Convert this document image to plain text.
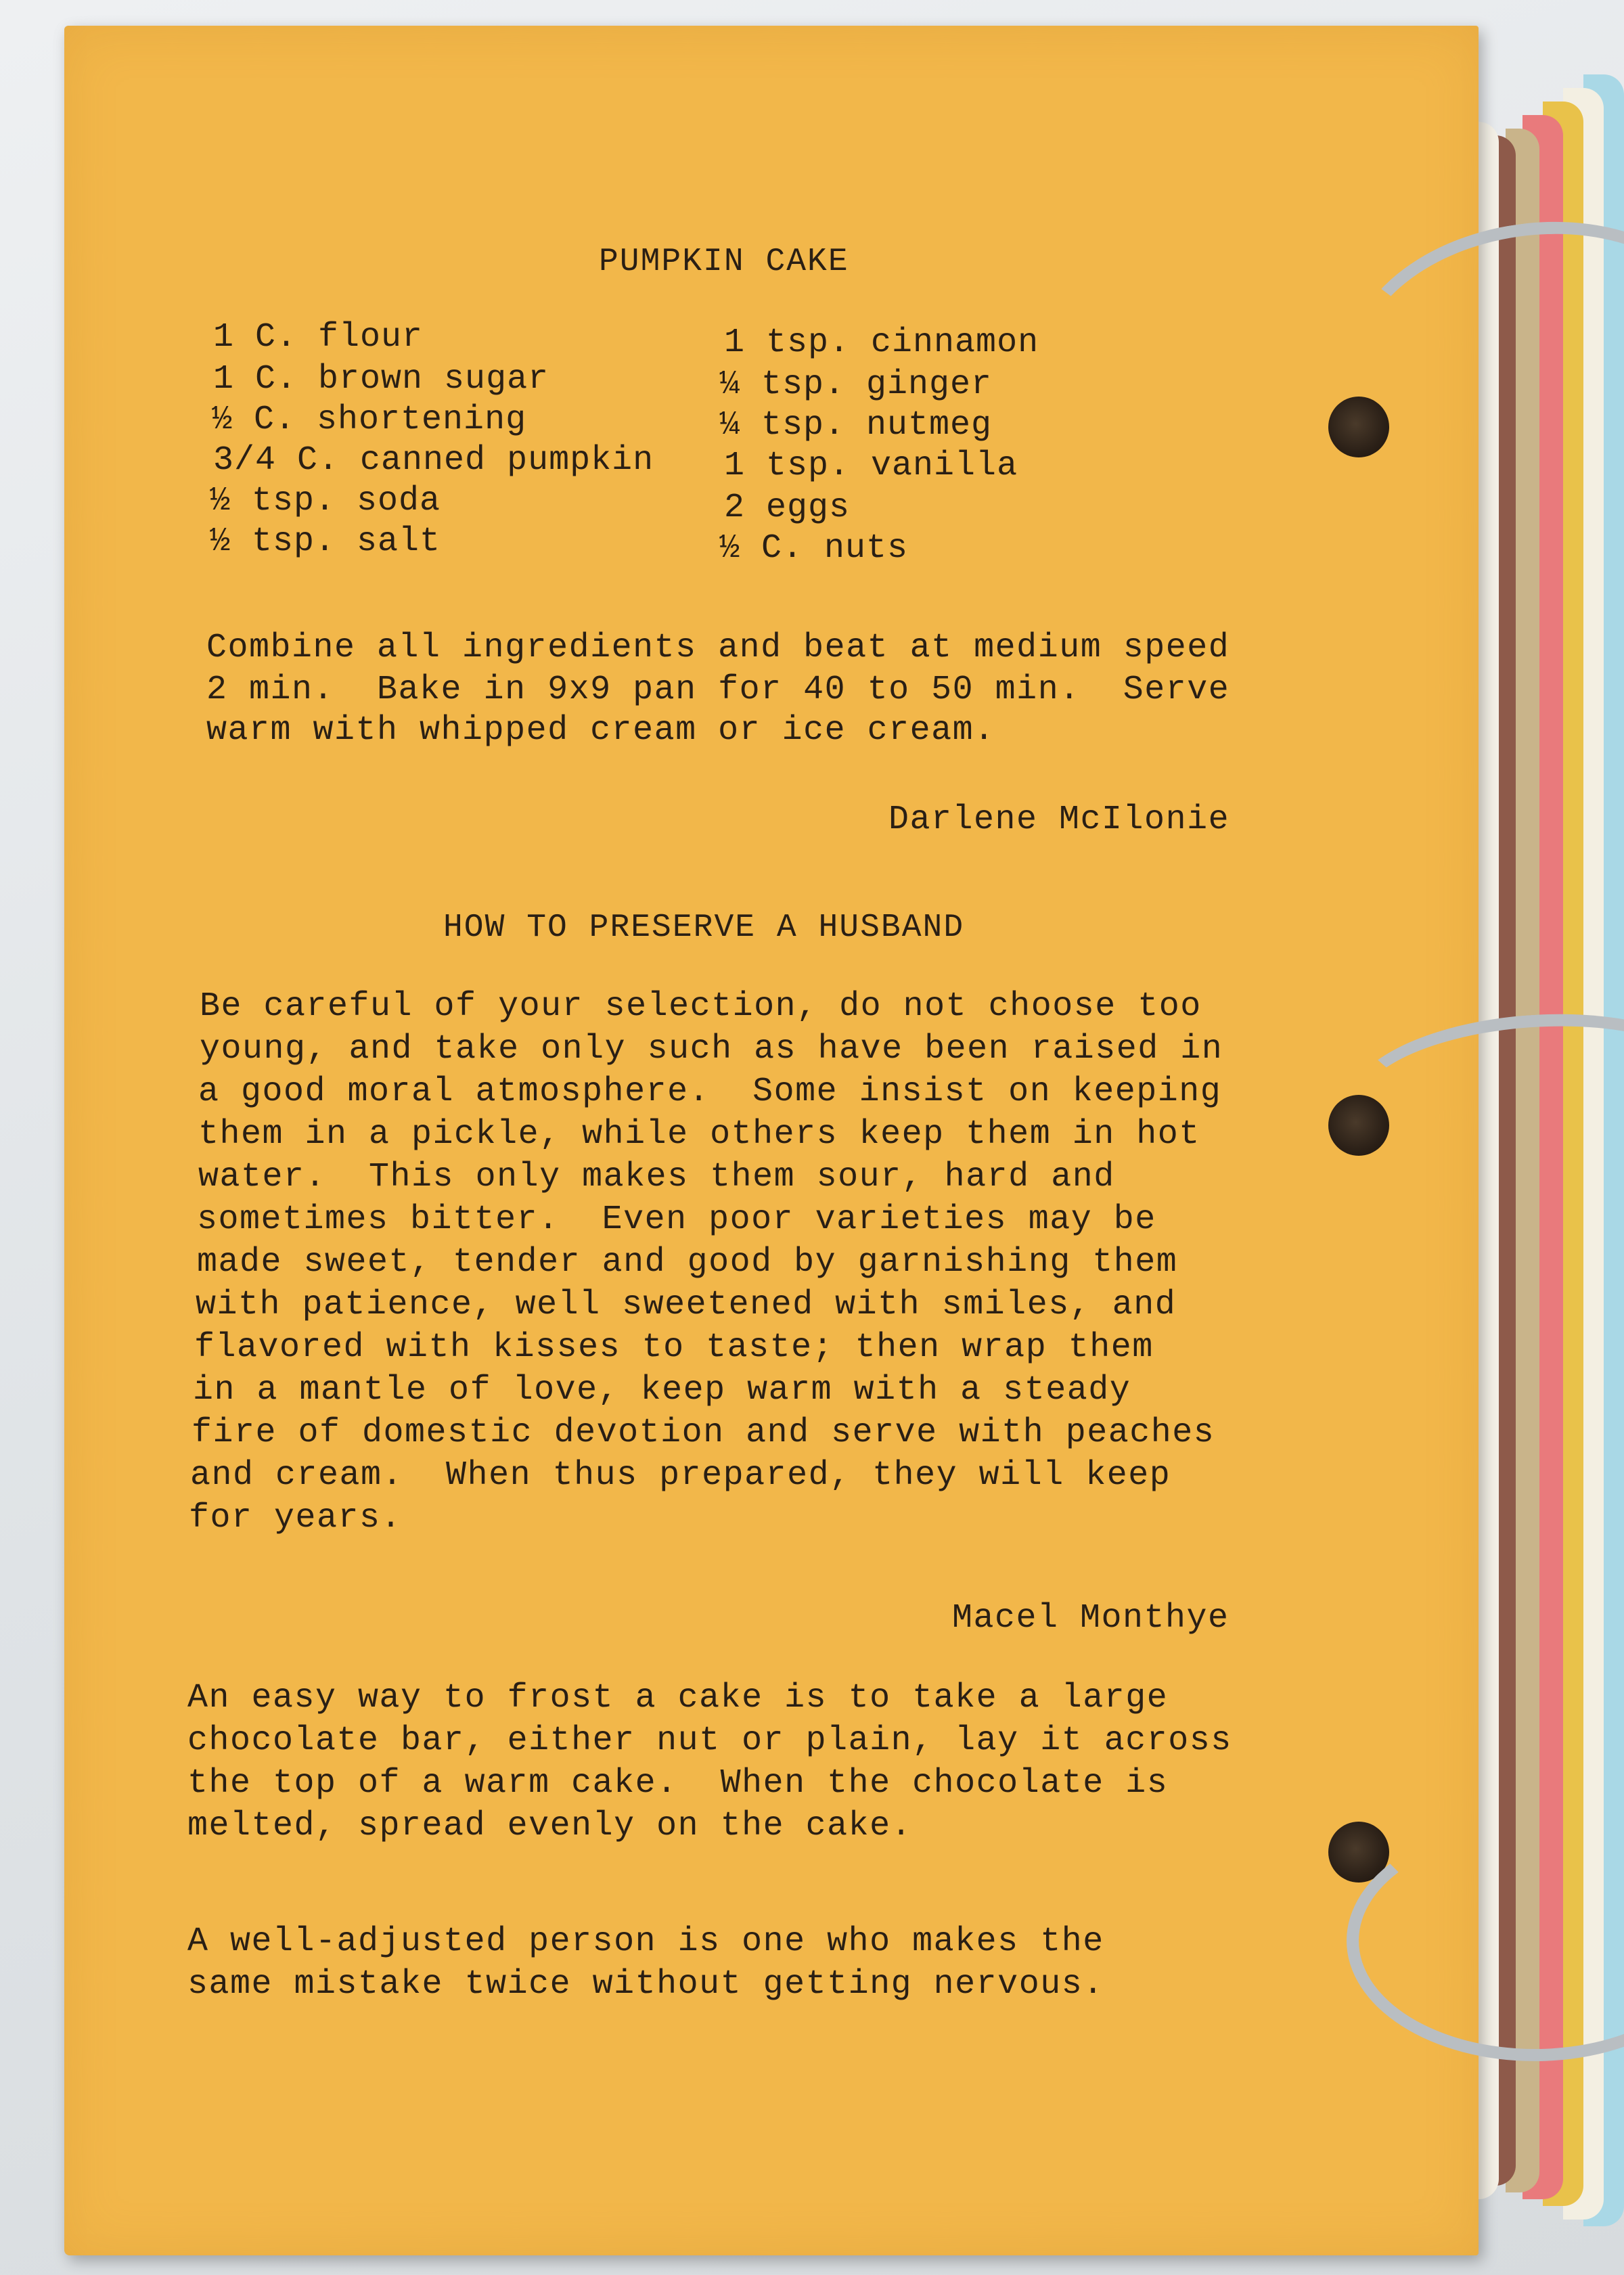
PUMPKIN CAKE
1 C. flour
1 C. brown sugar
½ C. shortening
3/4 C. canned pumpkin
½ tsp. soda
½ tsp. salt
1 tsp. cinnamon
¼ tsp. ginger
¼ tsp. nutmeg
1 tsp. vanilla
2 eggs
½ C. nuts
Combine all ingredients and beat at medium speed
2 min.  Bake in 9x9 pan for 40 to 50 min.  Serve
warm with whipped cream or ice cream.
Darlene McIlonie
HOW TO PRESERVE A HUSBAND
Be careful of your selection, do not choose too
young, and take only such as have been raised in
a good moral atmosphere.  Some insist on keeping
them in a pickle, while others keep them in hot
water.  This only makes them sour, hard and
sometimes bitter.  Even poor varieties may be
made sweet, tender and good by garnishing them
with patience, well sweetened with smiles, and
flavored with kisses to taste; then wrap them
in a mantle of love, keep warm with a steady
fire of domestic devotion and serve with peaches
and cream.  When thus prepared, they will keep
for years.
Macel Monthye
An easy way to frost a cake is to take a large
chocolate bar, either nut or plain, lay it across
the top of a warm cake.  When the chocolate is
melted, spread evenly on the cake.
A well-adjusted person is one who makes the
same mistake twice without getting nervous.
